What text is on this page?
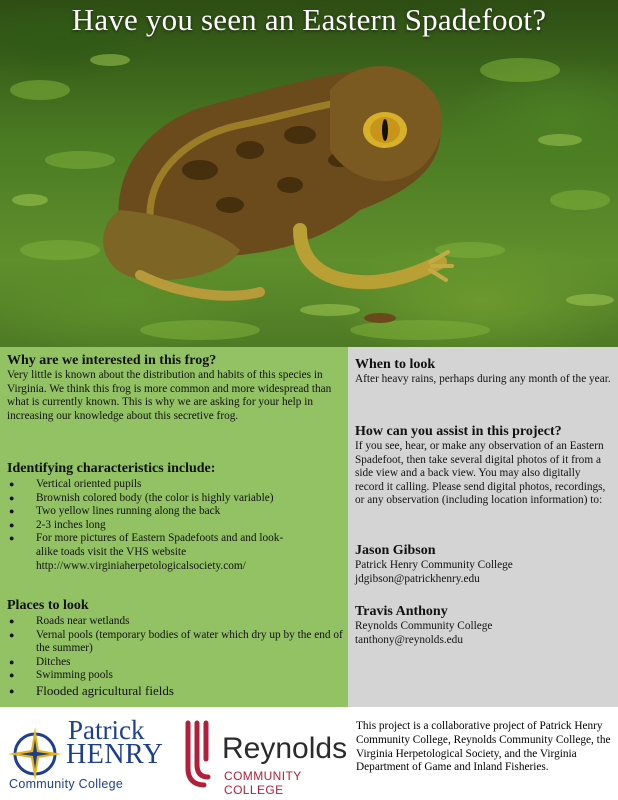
Have you seen an Eastern Spadefoot?

Why are we interested in this frog?

Very little is known about the distribution and habits of this species in Virginia. We think this frog is more common and more widespread than what is currently known. This is why we are asking for your help in increasing our knowledge about this secretive frog.

Identifying characteristics include:

● Vertical oriented pupils
● Brownish colored body (the color is highly variable)
● Two yellow lines running along the back
● 2-3 inches long
● For more pictures of Eastern Spadefoots and and look-alike toads visit the VHS website http://www.virginiaherpetologicalsociety.com/

Places to look

● Roads near wetlands
● Vernal pools (temporary bodies of water which dry up by the end of the summer)
● Ditches
● Swimming pools
● Flooded agricultural fields

When to look

After heavy rains, perhaps during any month of the year.

How can you assist in this project?

If you see, hear, or make any observation of an Eastern Spadefoot, then take several digital photos of it from a side view and a back view. You may also digitally record it calling. Please send digital photos, recordings, or any observation (including location information) to:

Jason Gibson

Patrick Henry Community College

jdgibson@patrickhenry.edu

Travis Anthony

Reynolds Community College

tanthony@reynolds.edu

Patrick
HENRY
Community College
Reynolds
COMMUNITY COLLEGE
This project is a collaborative project of Patrick Henry Community College, Reynolds Community College, the Virginia Herpetological Society, and the Virginia Department of Game and Inland Fisheries.
